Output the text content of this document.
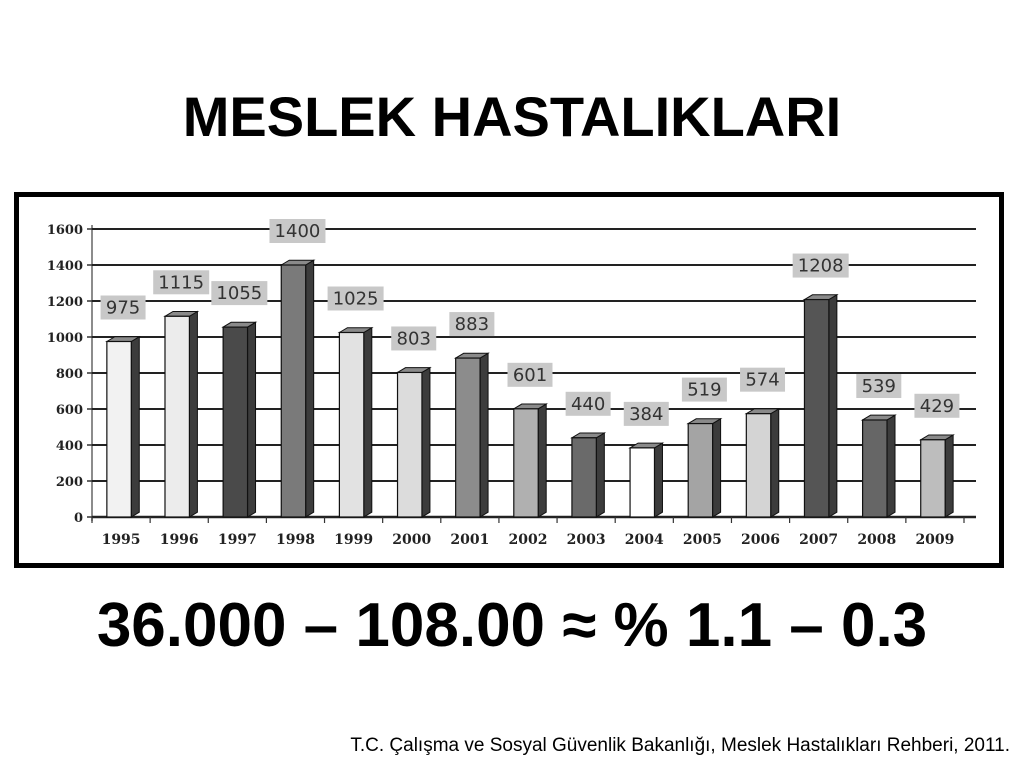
MESLEK HASTALIKLARI
0
200
400
600
800
1000
1200
1400
1600
975
1995
1115
1996
1055
1997
1400
1998
1025
1999
803
2000
883
2001
601
2002
440
2003
384
2004
519
2005
574
2006
1208
2007
539
2008
429
2009
36.000 – 108.00 ≈ % 1.1 – 0.3
T.C. Çalışma ve Sosyal Güvenlik Bakanlığı, Meslek Hastalıkları Rehberi, 2011.
